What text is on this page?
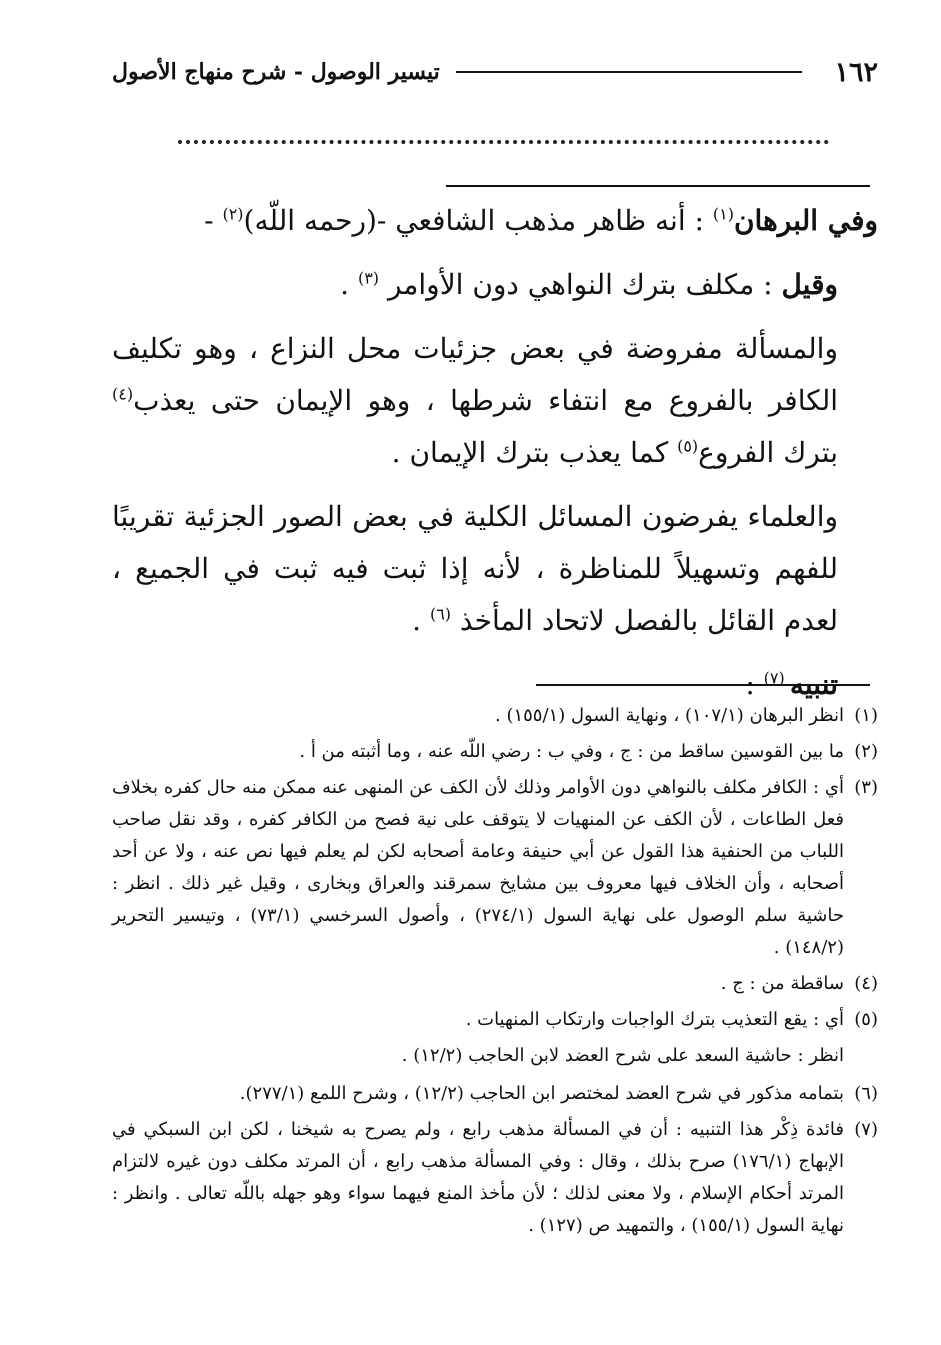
١٦٢
تيسير الوصول - شرح منهاج الأصول

وفي البرهان$^{(١)}$ : أنه ظاهر مذهب الشافعي -(رحمه اللّه)$^{(٢)}$ -

وقيل : مكلف بترك النواهي دون الأوامر $^{(٣)}$ .

والمسألة مفروضة في بعض جزئيات محل النزاع ، وهو تكليف الكافر بالفروع مع انتفاء شرطها ، وهو الإيمان حتى يعذب$^{(٤)}$ بترك الفروع$^{(٥)}$ كما يعذب بترك الإيمان .

والعلماء يفرضون المسائل الكلية في بعض الصور الجزئية تقريبًا للفهم وتسهيلاً للمناظرة ، لأنه إذا ثبت فيه ثبت في الجميع ، لعدم القائل بالفصل لاتحاد المأخذ $^{(٦)}$ .

تنبيه $^{(٧)}$ :

(١)انظر البرهان (١٠٧/١) ، ونهاية السول (١٥٥/١) .

(٢)ما بين القوسين ساقط من : ج ، وفي ب : رضي اللّه عنه ، وما أثبته من أ .

(٣)أي : الكافر مكلف بالنواهي دون الأوامر وذلك لأن الكف عن المنهى عنه ممكن منه حال كفره بخلاف فعل الطاعات ، لأن الكف عن المنهيات لا يتوقف على نية فصح من الكافر كفره ، وقد نقل صاحب اللباب من الحنفية هذا القول عن أبي حنيفة وعامة أصحابه لكن لم يعلم فيها نص عنه ، ولا عن أحد أصحابه ، وأن الخلاف فيها معروف بين مشايخ سمرقند والعراق وبخارى ، وقيل غير ذلك . انظر : حاشية سلم الوصول على نهاية السول (٢٧٤/١) ، وأصول السرخسي (٧٣/١) ، وتيسير التحرير (١٤٨/٢) .

(٤)ساقطة من : ج .

(٥)أي : يقع التعذيب بترك الواجبات وارتكاب المنهيات .

انظر : حاشية السعد على شرح العضد لابن الحاجب (١٢/٢) .

(٦)بتمامه مذكور في شرح العضد لمختصر ابن الحاجب (١٢/٢) ، وشرح اللمع (٢٧٧/١).

(٧)فائدة ذِكْر هذا التنبيه : أن في المسألة مذهب رابع ، ولم يصرح به شيخنا ، لكن ابن السبكي في الإبهاج (١٧٦/١) صرح بذلك ، وقال : وفي المسألة مذهب رابع ، أن المرتد مكلف دون غيره لالتزام المرتد أحكام الإسلام ، ولا معنى لذلك ؛ لأن مأخذ المنع فيهما سواء وهو جهله باللّه تعالى . وانظر : نهاية السول (١٥٥/١) ، والتمهيد ص (١٢٧) .
